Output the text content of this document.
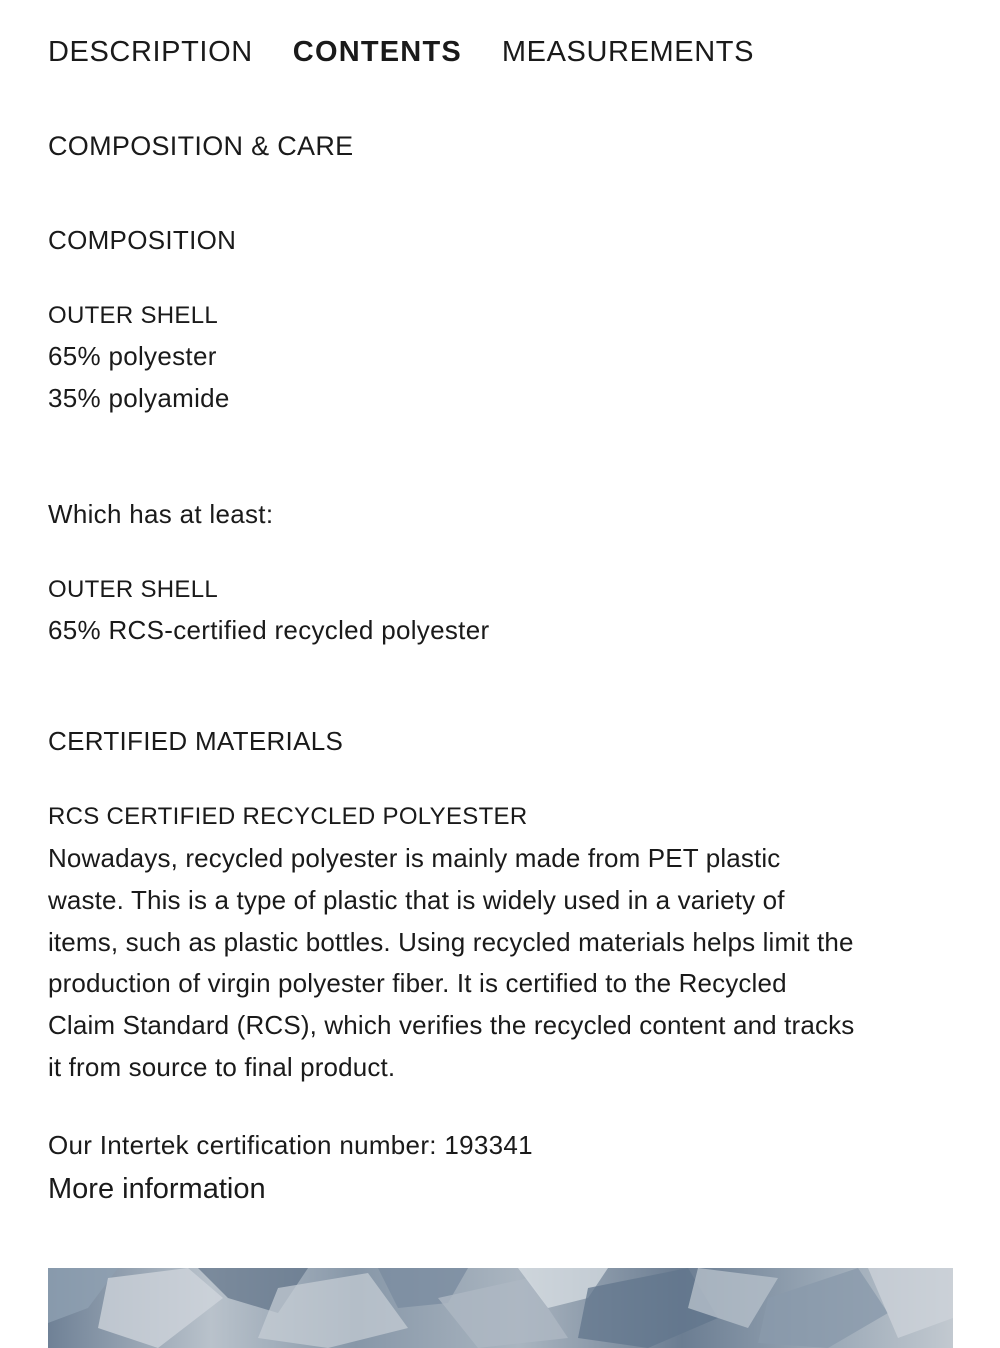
DESCRIPTION CONTENTS MEASUREMENTS
COMPOSITION & CARE
COMPOSITION
OUTER SHELL
65% polyester
35% polyamide
Which has at least:
OUTER SHELL
65% RCS-certified recycled polyester
CERTIFIED MATERIALS
RCS CERTIFIED RECYCLED POLYESTER
Nowadays, recycled polyester is mainly made from PET plastic
waste. This is a type of plastic that is widely used in a variety of
items, such as plastic bottles. Using recycled materials helps limit the
production of virgin polyester fiber. It is certified to the Recycled
Claim Standard (RCS), which verifies the recycled content and tracks
it from source to final product.
Our Intertek certification number: 193341
More information
